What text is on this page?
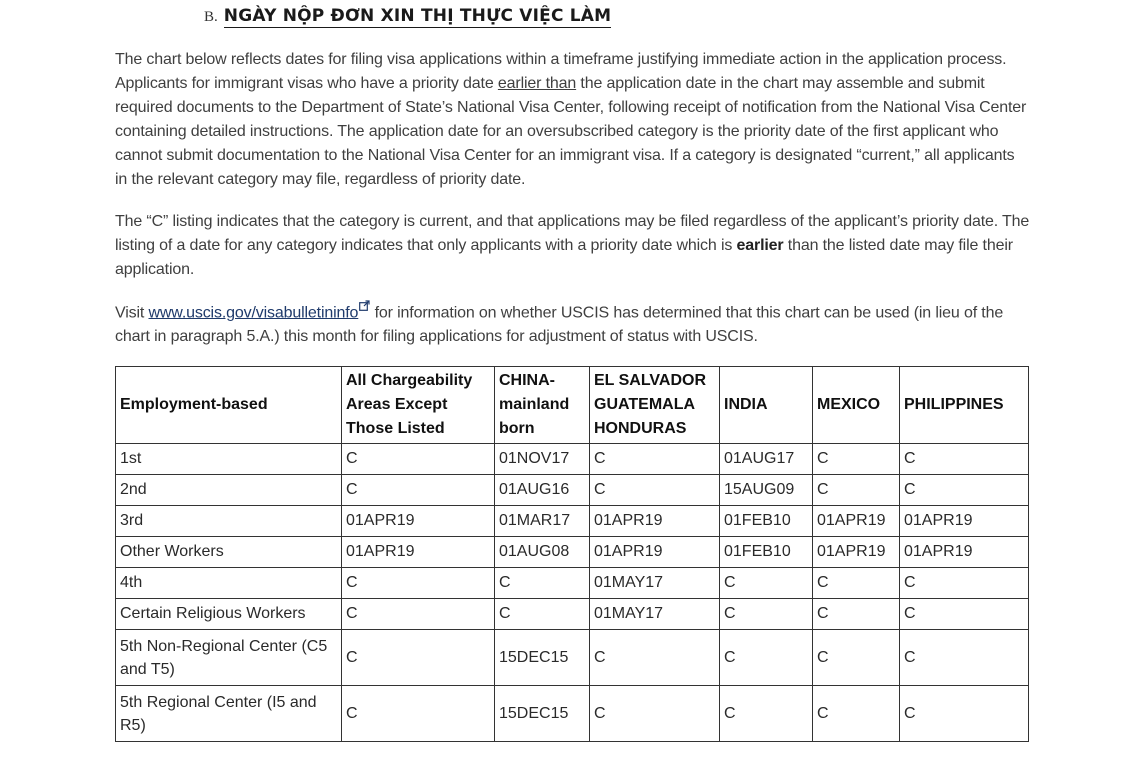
B. NGÀY NỘP ĐƠN XIN THỊ THỰC VIỆC LÀM

The chart below reflects dates for filing visa applications within a timeframe justifying immediate action in the application process. Applicants for immigrant visas who have a priority date earlier than the application date in the chart may assemble and submit required documents to the Department of State’s National Visa Center, following receipt of notification from the National Visa Center containing detailed instructions. The application date for an oversubscribed category is the priority date of the first applicant who cannot submit documentation to the National Visa Center for an immigrant visa. If a category is designated “current,” all applicants in the relevant category may file, regardless of priority date.

The “C” listing indicates that the category is current, and that applications may be filed regardless of the applicant’s priority date. The listing of a date for any category indicates that only applicants with a priority date which is earlier than the listed date may file their application.

Visit www.uscis.gov/visabulletininfo for information on whether USCIS has determined that this chart can be used (in lieu of the chart in paragraph 5.A.) this month for filing applications for adjustment of status with USCIS.

Employment-based	All Chargeability Areas Except Those Listed	CHINA-mainland born	EL SALVADOR GUATEMALA HONDURAS	INDIA	MEXICO	PHILIPPINES
1st	C	01NOV17	C	01AUG17	C	C
2nd	C	01AUG16	C	15AUG09	C	C
3rd	01APR19	01MAR17	01APR19	01FEB10	01APR19	01APR19
Other Workers	01APR19	01AUG08	01APR19	01FEB10	01APR19	01APR19
4th	C	C	01MAY17	C	C	C
Certain Religious Workers	C	C	01MAY17	C	C	C
5th Non-Regional Center (C5 and T5)	C	15DEC15	C	C	C	C
5th Regional Center (I5 and R5)	C	15DEC15	C	C	C	C
